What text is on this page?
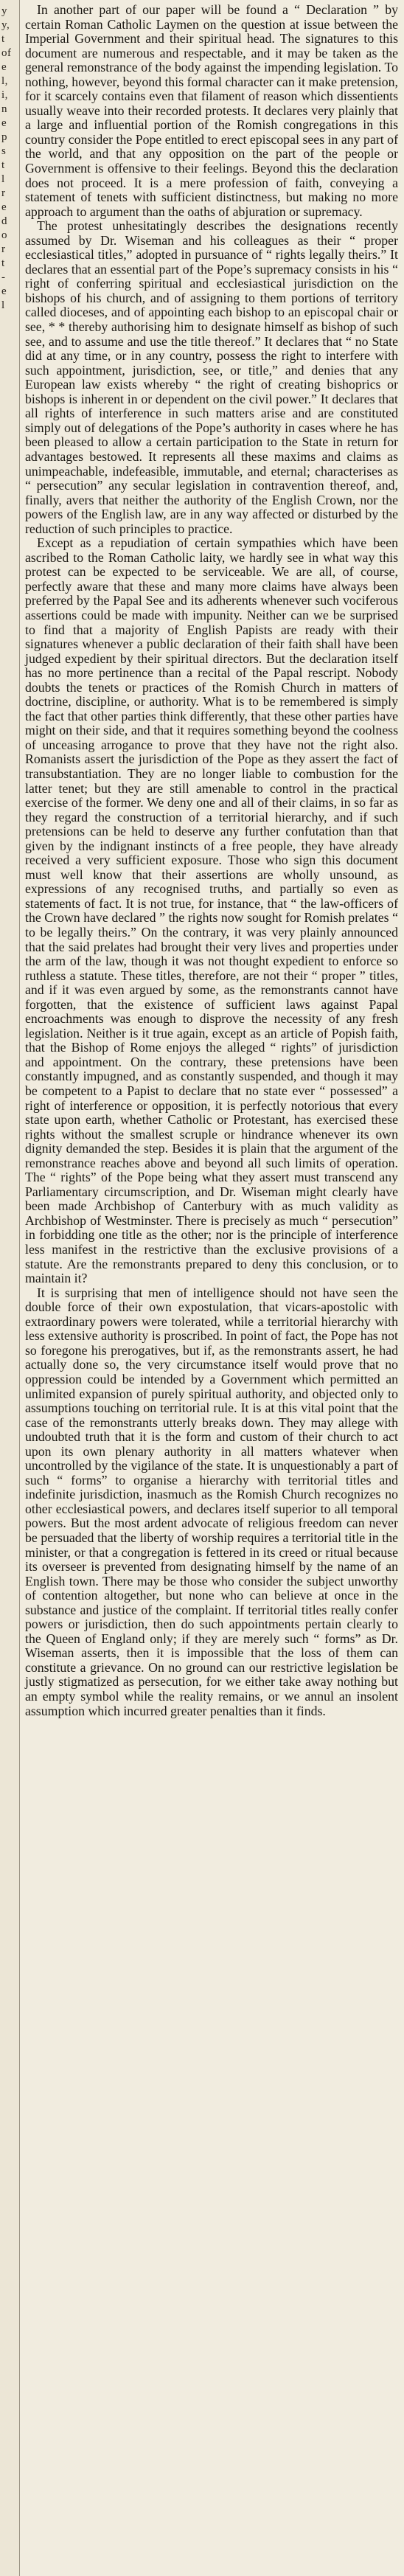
y
y,
t
of
e
l,
i,
n
e
p
s
t
l
r
e
d
o
r
t
-
e
l

In another part of our paper will be found a “ Declaration ” by certain Roman Catholic Laymen on the question at issue between the Imperial Government and their spiritual head. The signatures to this document are numerous and respectable, and it may be taken as the general remonstrance of the body against the impending legislation. To nothing, however, beyond this formal character can it make pretension, for it scarcely contains even that filament of reason which dissentients usually weave into their recorded protests. It declares very plainly that a large and influential portion of the Romish congregations in this country consider the Pope entitled to erect episcopal sees in any part of the world, and that any opposition on the part of the people or Government is offensive to their feelings. Beyond this the declaration does not proceed. It is a mere profession of faith, conveying a statement of tenets with sufficient distinctness, but making no more approach to argument than the oaths of abjuration or supremacy.

The protest unhesitatingly describes the designations recently assumed by Dr. Wiseman and his colleagues as their “ proper ecclesiastical titles,” adopted in pursuance of “ rights legally theirs.” It declares that an essential part of the Pope’s supremacy consists in his “ right of conferring spiritual and ecclesiastical jurisdiction on the bishops of his church, and of assigning to them portions of territory called dioceses, and of appointing each bishop to an episcopal chair or see, * * thereby authorising him to designate himself as bishop of such see, and to assume and use the title thereof.” It declares that “ no State did at any time, or in any country, possess the right to interfere with such appointment, jurisdiction, see, or title,” and denies that any European law exists whereby “ the right of creating bishoprics or bishops is inherent in or dependent on the civil power.” It declares that all rights of interference in such matters arise and are constituted simply out of delegations of the Pope’s authority in cases where he has been pleased to allow a certain participation to the State in return for advantages bestowed. It represents all these maxims and claims as unimpeachable, indefeasible, immutable, and eternal; characterises as “ persecution” any secular legislation in contravention thereof, and, finally, avers that neither the authority of the English Crown, nor the powers of the English law, are in any way affected or disturbed by the reduction of such principles to practice.

Except as a repudiation of certain sympathies which have been ascribed to the Roman Catholic laity, we hardly see in what way this protest can be expected to be serviceable. We are all, of course, perfectly aware that these and many more claims have always been preferred by the Papal See and its adherents whenever such vociferous assertions could be made with impunity. Neither can we be surprised to find that a majority of English Papists are ready with their signatures whenever a public declaration of their faith shall have been judged expedient by their spiritual directors. But the declaration itself has no more pertinence than a recital of the Papal rescript. Nobody doubts the tenets or practices of the Romish Church in matters of doctrine, discipline, or authority. What is to be remembered is simply the fact that other parties think differently, that these other parties have might on their side, and that it requires something beyond the coolness of unceasing arrogance to prove that they have not the right also. Romanists assert the jurisdiction of the Pope as they assert the fact of transubstantiation. They are no longer liable to combustion for the latter tenet; but they are still amenable to control in the practical exercise of the former. We deny one and all of their claims, in so far as they regard the construction of a territorial hierarchy, and if such pretensions can be held to deserve any further confutation than that given by the indignant instincts of a free people, they have already received a very sufficient exposure. Those who sign this document must well know that their assertions are wholly unsound, as expressions of any recognised truths, and partially so even as statements of fact. It is not true, for instance, that “ the law-officers of the Crown have declared ” the rights now sought for Romish prelates “ to be legally theirs.” On the contrary, it was very plainly announced that the said prelates had brought their very lives and properties under the arm of the law, though it was not thought expedient to enforce so ruthless a statute. These titles, therefore, are not their “ proper ” titles, and if it was even argued by some, as the remonstrants cannot have forgotten, that the existence of sufficient laws against Papal encroachments was enough to disprove the necessity of any fresh legislation. Neither is it true again, except as an article of Popish faith, that the Bishop of Rome enjoys the alleged “ rights” of jurisdiction and appointment. On the contrary, these pretensions have been constantly impugned, and as constantly suspended, and though it may be competent to a Papist to declare that no state ever “ possessed” a right of interference or opposition, it is perfectly notorious that every state upon earth, whether Catholic or Protestant, has exercised these rights without the smallest scruple or hindrance whenever its own dignity demanded the step. Besides it is plain that the argument of the remonstrance reaches above and beyond all such limits of operation. The “ rights” of the Pope being what they assert must transcend any Parliamentary circumscription, and Dr. Wiseman might clearly have been made Archbishop of Canterbury with as much validity as Archbishop of Westminster. There is precisely as much “ persecution” in forbidding one title as the other; nor is the principle of interference less manifest in the restrictive than the exclusive provisions of a statute. Are the remonstrants prepared to deny this conclusion, or to maintain it?

It is surprising that men of intelligence should not have seen the double force of their own expostulation, that vicars-apostolic with extraordinary powers were tolerated, while a territorial hierarchy with less extensive authority is proscribed. In point of fact, the Pope has not so foregone his prerogatives, but if, as the remonstrants assert, he had actually done so, the very circumstance itself would prove that no oppression could be intended by a Government which permitted an unlimited expansion of purely spiritual authority, and objected only to assumptions touching on territorial rule. It is at this vital point that the case of the remonstrants utterly breaks down. They may allege with undoubted truth that it is the form and custom of their church to act upon its own plenary authority in all matters whatever when uncontrolled by the vigilance of the state. It is unquestionably a part of such “ forms” to organise a hierarchy with territorial titles and indefinite jurisdiction, inasmuch as the Romish Church recognizes no other ecclesiastical powers, and declares itself superior to all temporal powers. But the most ardent advocate of religious freedom can never be persuaded that the liberty of worship requires a territorial title in the minister, or that a congregation is fettered in its creed or ritual because its overseer is prevented from designating himself by the name of an English town. There may be those who consider the subject unworthy of contention altogether, but none who can believe at once in the substance and justice of the complaint. If territorial titles really confer powers or jurisdiction, then do such appointments pertain clearly to the Queen of England only; if they are merely such “ forms” as Dr. Wiseman asserts, then it is impossible that the loss of them can constitute a grievance. On no ground can our restrictive legislation be justly stigmatized as persecution, for we either take away nothing but an empty symbol while the reality remains, or we annul an insolent assumption which incurred greater penalties than it finds.
